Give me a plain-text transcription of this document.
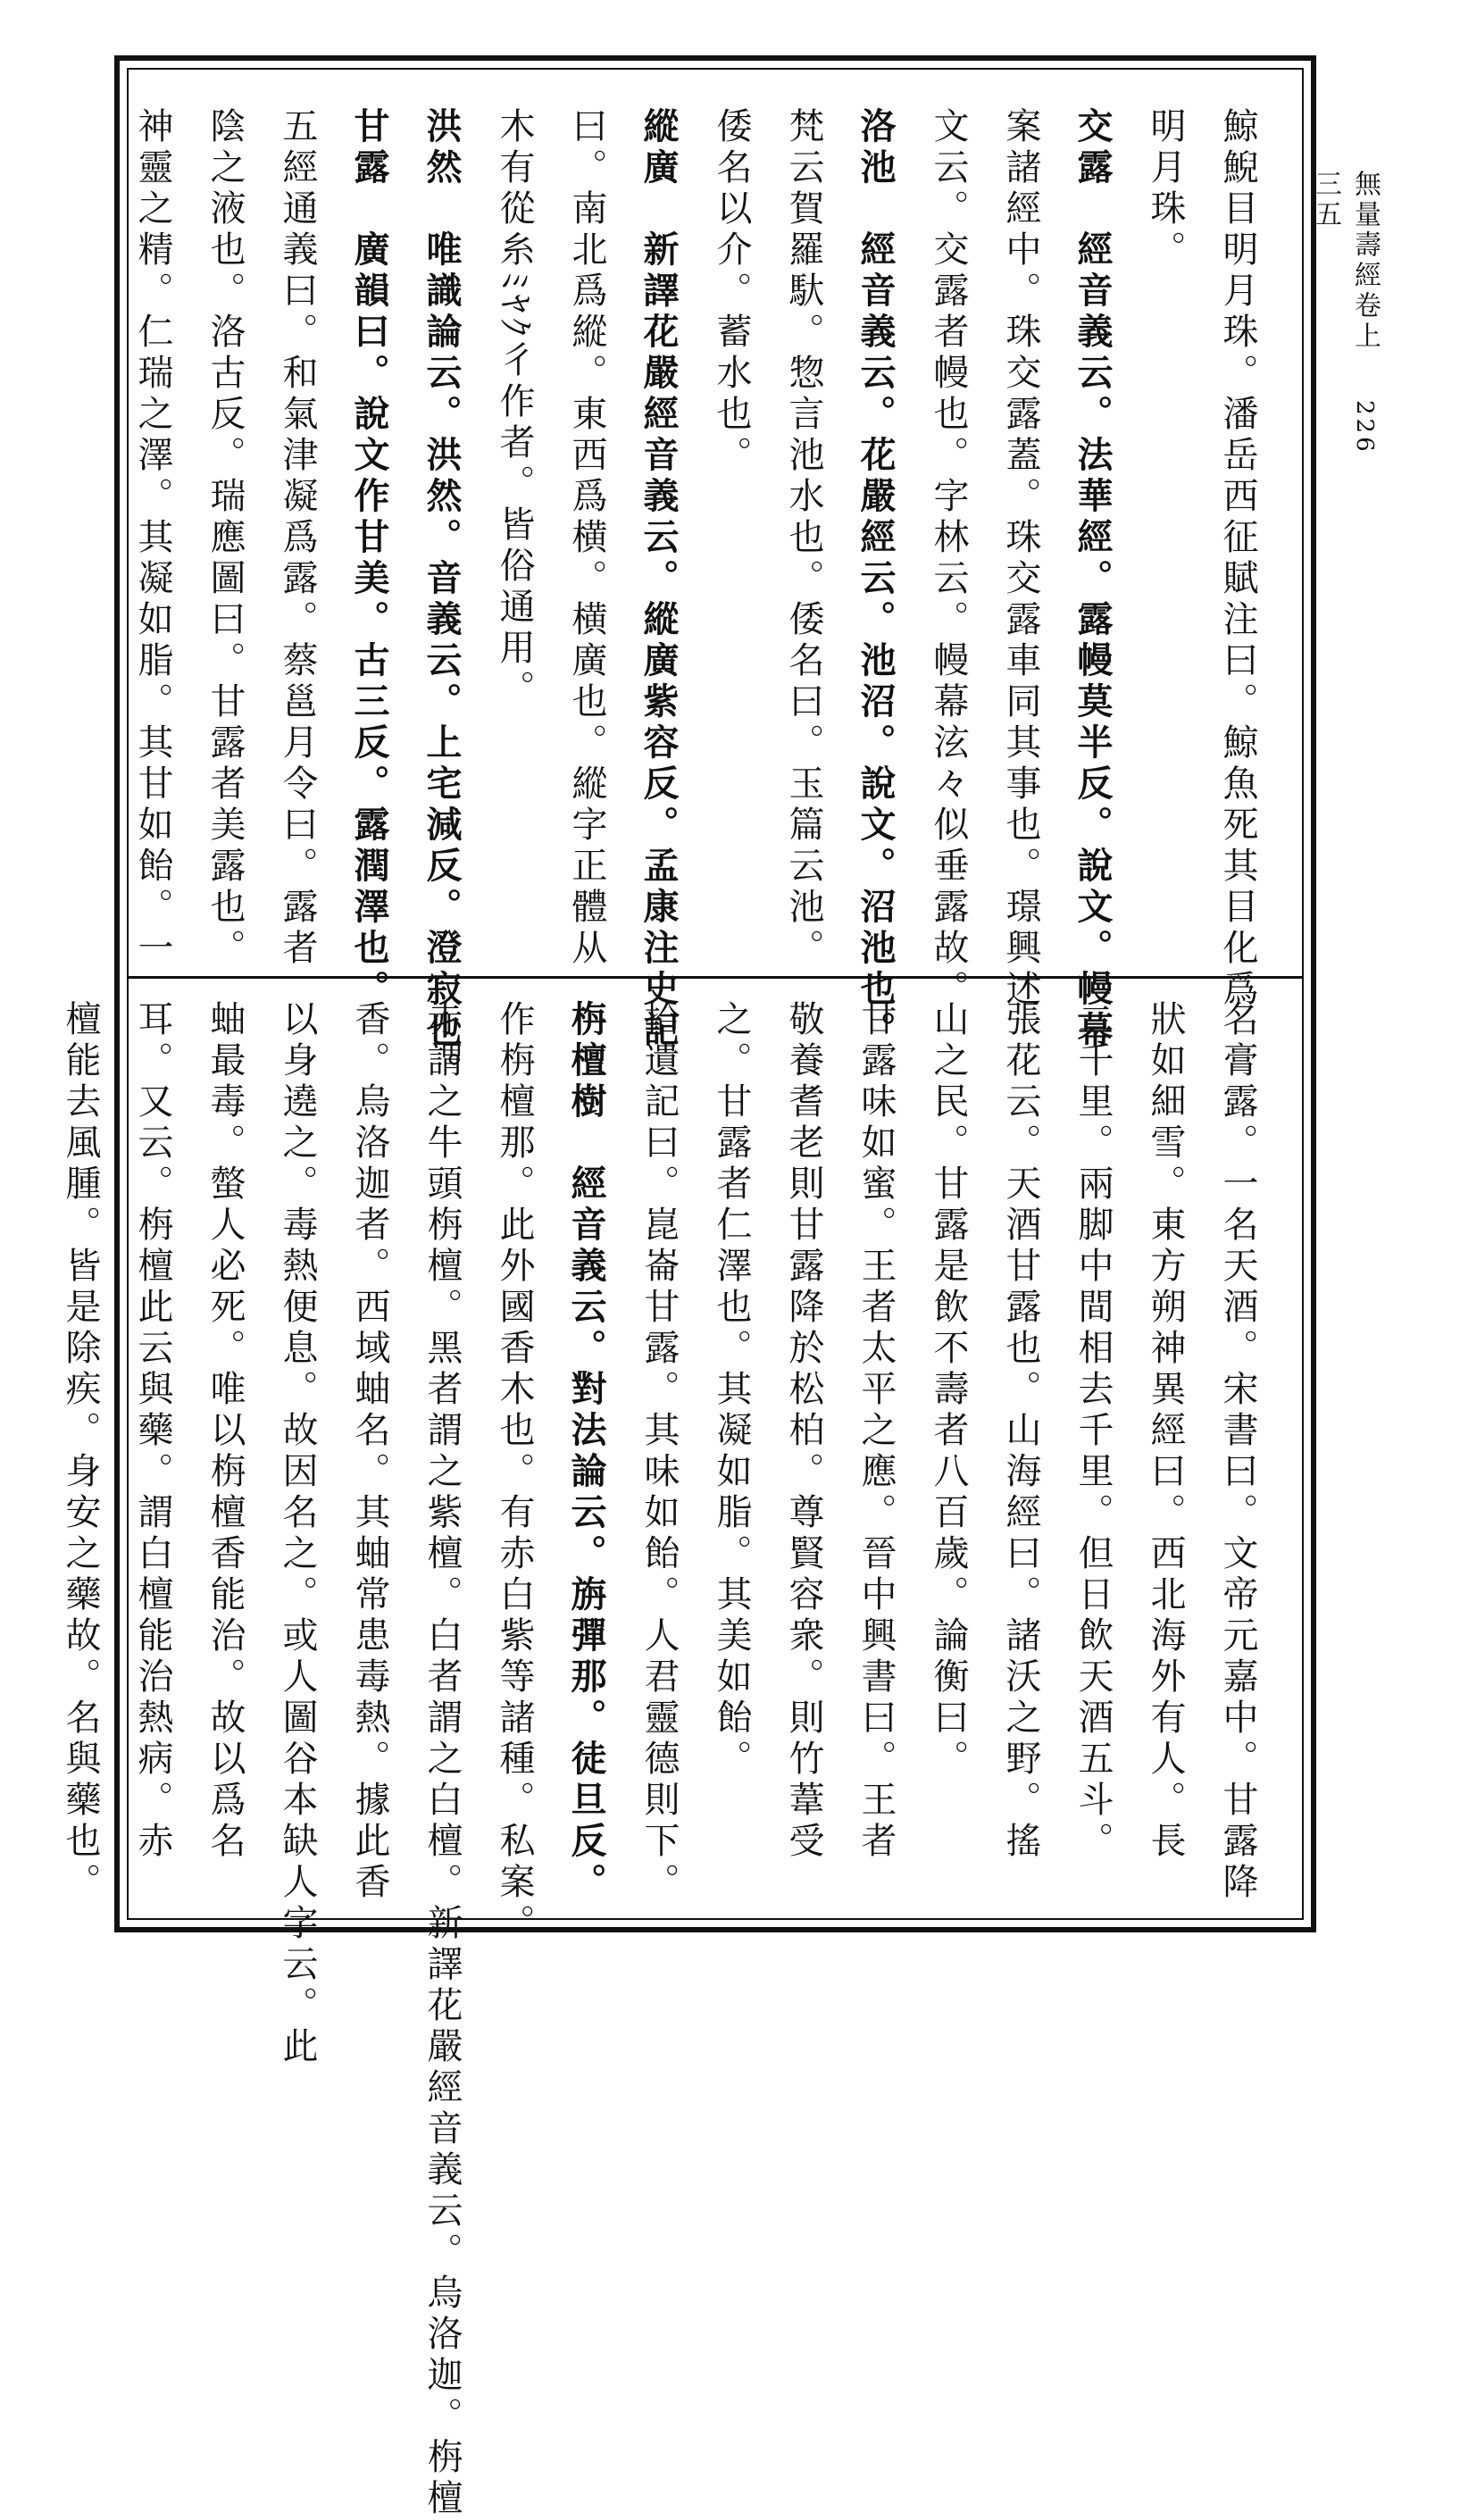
無量壽經卷上 226 三五
鯨鯢目明月珠。潘岳西征賦注曰。鯨魚死其目化爲
明月珠。
交露　經音義云。法華經。露幔莫半反。說文。幔幕
案諸經中。珠交露蓋。珠交露車同其事也。璟興述
文云。交露者幔也。字林云。幔幕泫々似垂露故。
洛池　經音義云。花嚴經云。池沼。說文。沼池也。
梵云賀羅馱。惣言池水也。倭名曰。玉篇云池。
倭名以介。蓄水也。
縱廣　新譯花嚴經音義云。縱廣紫容反。孟康注史記
曰。南北爲縱。東西爲横。横廣也。縱字正體从
木有從糸ﾐﾔｸ彳作者。皆俗通用。
洪然　唯識論云。洪然。音義云。上宅減反。澄寂也。
甘露　廣韻曰。說文作甘美。古三反。露潤澤也。
五經通義曰。和氣津凝爲露。蔡邕月令曰。露者
陰之液也。洛古反。瑞應圖曰。甘露者美露也。
神靈之精。仁瑞之澤。其凝如脂。其甘如飴。一
名膏露。一名天酒。宋書曰。文帝元嘉中。甘露降
狀如細雪。東方朔神異經曰。西北海外有人。長
二千里。兩脚中間相去千里。但日飲天酒五斗。
張花云。天酒甘露也。山海經曰。諸沃之野。搖
山之民。甘露是飲不壽者八百歲。論衡曰。
甘露味如蜜。王者太平之應。晉中興書曰。王者
敬養耆老則甘露降於松柏。尊賢容衆。則竹葦受
之。甘露者仁澤也。其凝如脂。其美如飴。
拾遺記曰。崑崙甘露。其味如飴。人君靈德則下。
栴檀樹　經音義云。對法論云。旃彈那。徒旦反。
作栴檀那。此外國香木也。有赤白紫等諸種。私案。
赤謂之牛頭栴檀。黑者謂之紫檀。白者謂之白檀。新譯花嚴經音義云。烏洛迦。栴檀
香。烏洛迦者。西域蚰名。其蚰常患毒熱。據此香
以身遶之。毒熱便息。故因名之。或人圖谷本缺人字云。此
蚰最毒。螫人必死。唯以栴檀香能治。故以爲名
耳。又云。栴檀此云與藥。謂白檀能治熱病。赤
檀能去風腫。皆是除疾。身安之藥故。名與藥也。
